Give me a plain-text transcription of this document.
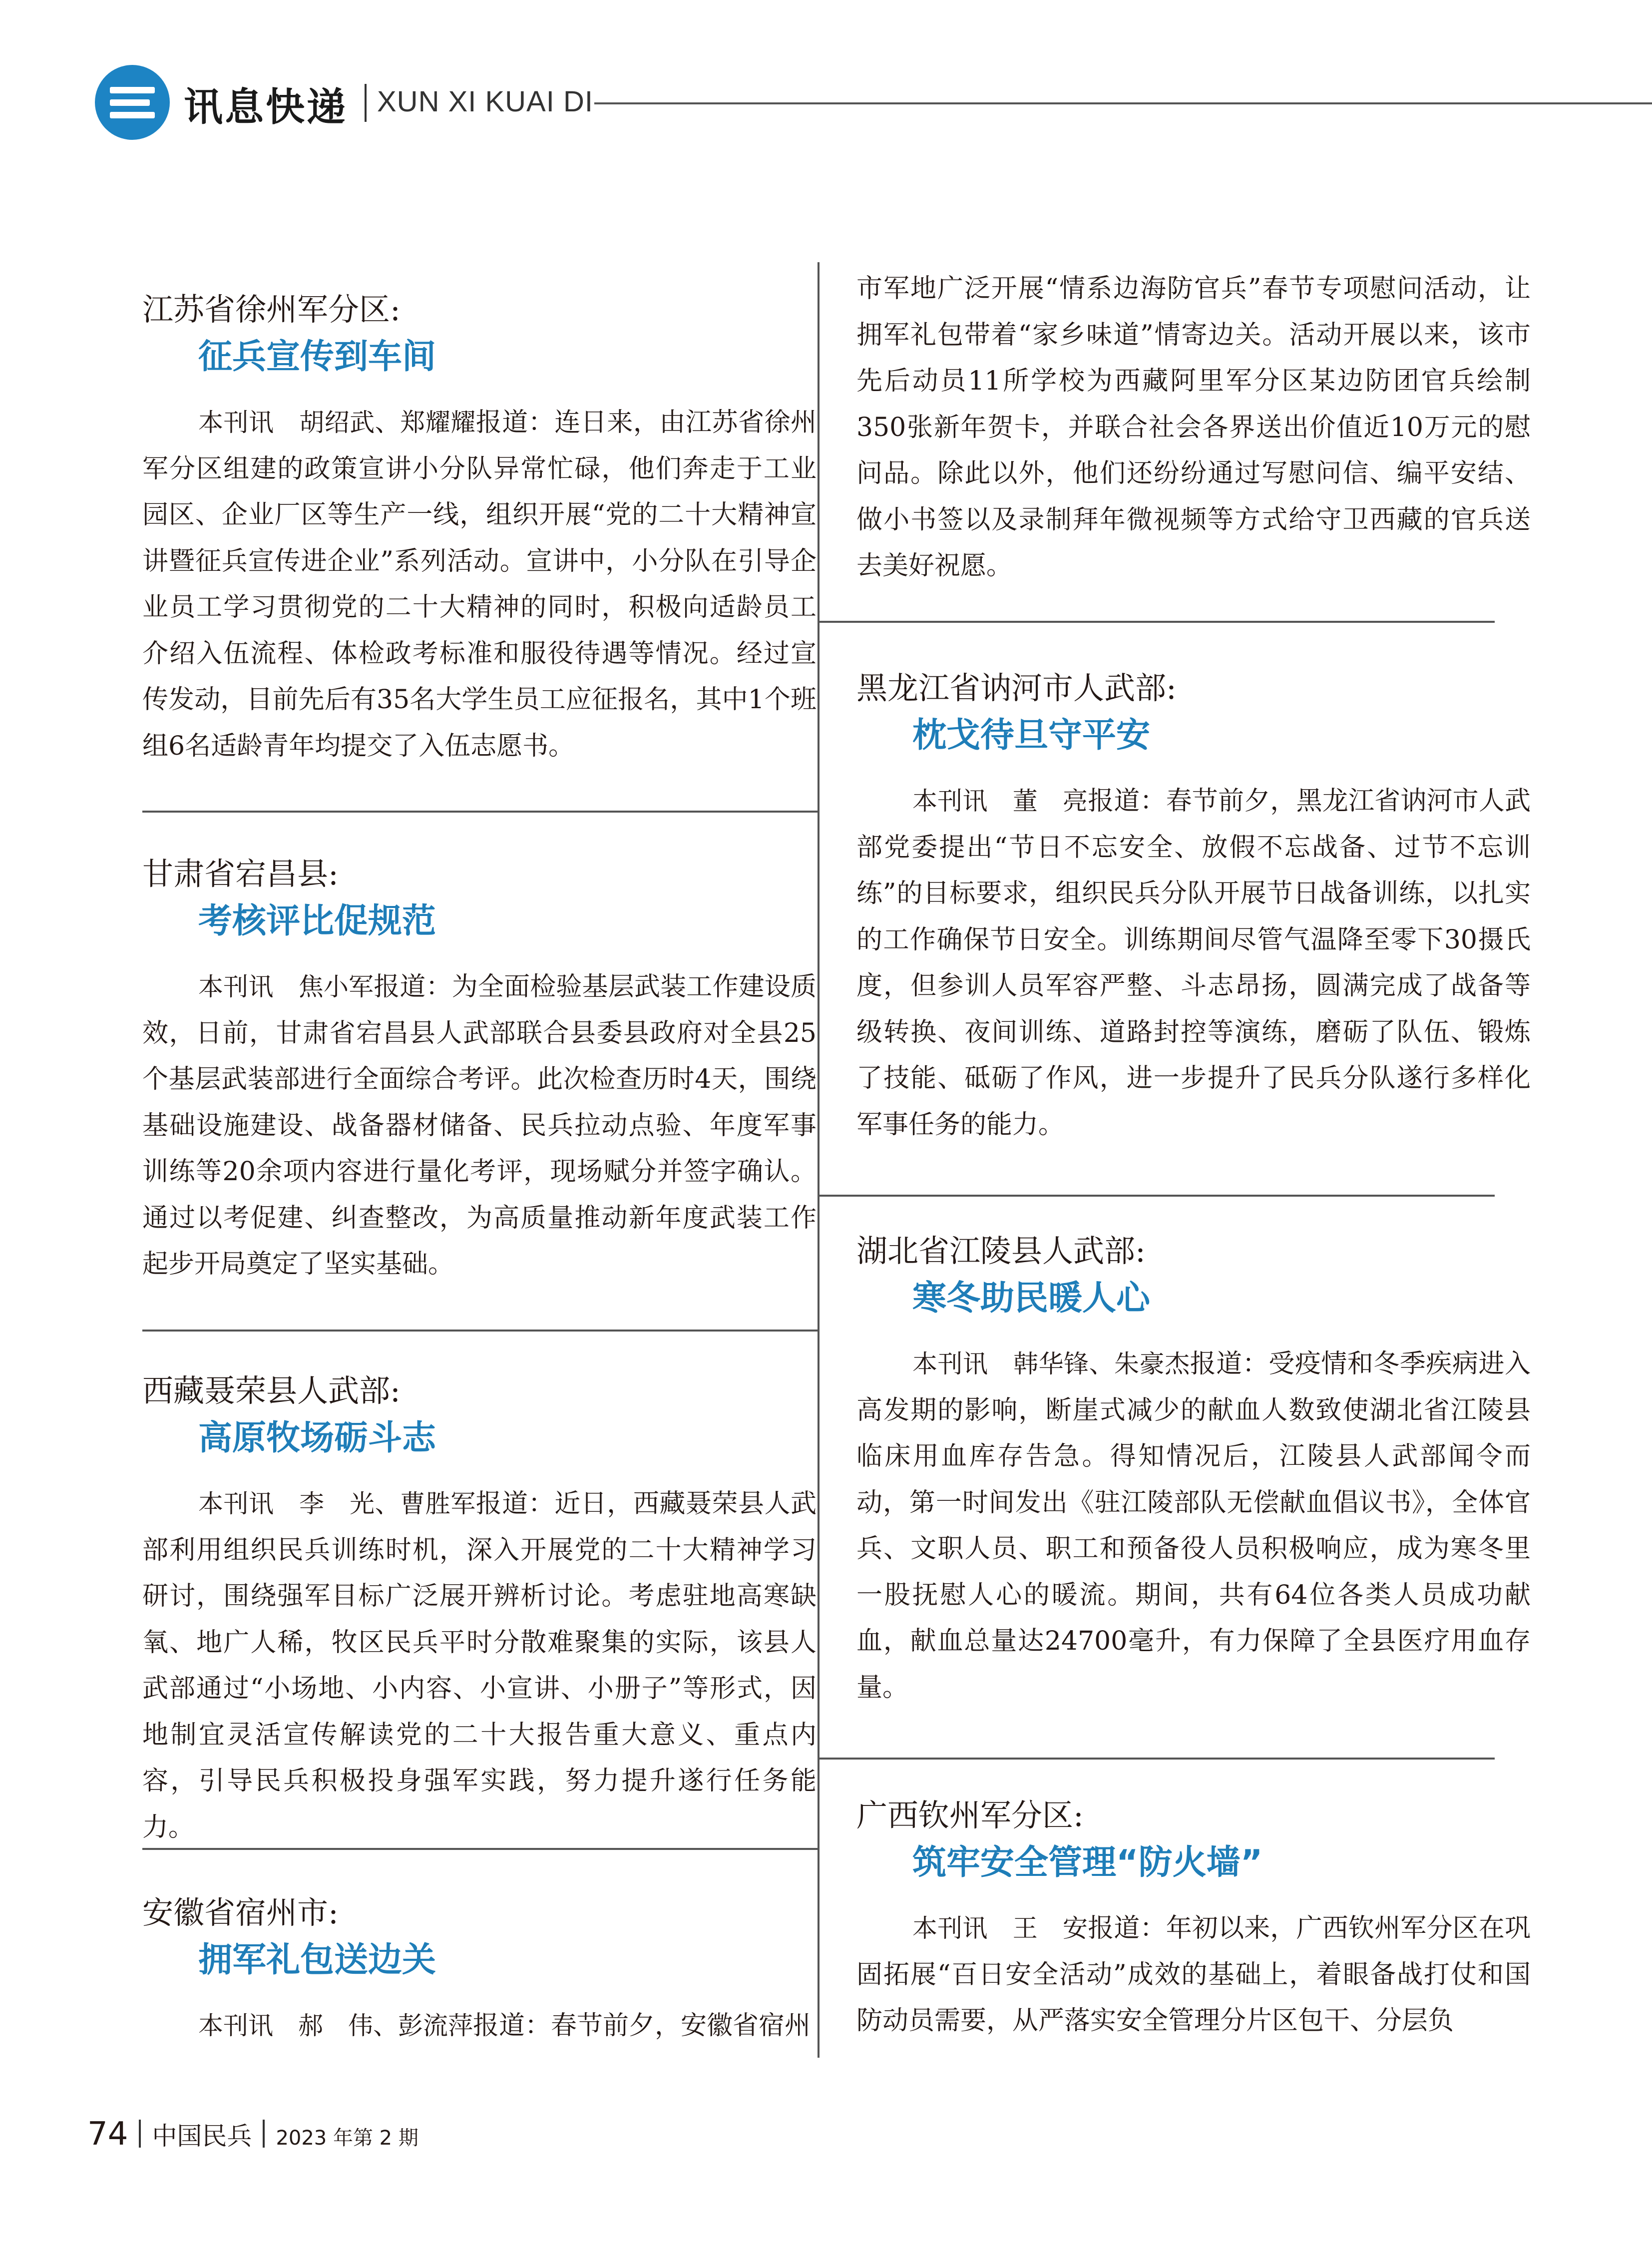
讯息快递 XUN XI KUAI DI
江苏省徐州军分区:
征兵宣传到车间
本刊讯　胡绍武、郑耀耀报道：连日来，由江苏省徐州军分区组建的政策宣讲小分队异常忙碌，他们奔走于工业园区、企业厂区等生产一线，组织开展“党的二十大精神宣讲暨征兵宣传进企业”系列活动。宣讲中，小分队在引导企业员工学习贯彻党的二十大精神的同时，积极向适龄员工介绍入伍流程、体检政考标准和服役待遇等情况。经过宣传发动，目前先后有35名大学生员工应征报名，其中1个班组6名适龄青年均提交了入伍志愿书。
甘肃省宕昌县:
考核评比促规范
本刊讯　焦小军报道：为全面检验基层武装工作建设质效，日前，甘肃省宕昌县人武部联合县委县政府对全县25个基层武装部进行全面综合考评。此次检查历时4天，围绕基础设施建设、战备器材储备、民兵拉动点验、年度军事训练等20余项内容进行量化考评，现场赋分并签字确认。通过以考促建、纠查整改，为高质量推动新年度武装工作起步开局奠定了坚实基础。
西藏聂荣县人武部:
高原牧场砺斗志
本刊讯　李　光、曹胜军报道：近日，西藏聂荣县人武部利用组织民兵训练时机，深入开展党的二十大精神学习研讨，围绕强军目标广泛展开辨析讨论。考虑驻地高寒缺氧、地广人稀，牧区民兵平时分散难聚集的实际，该县人武部通过“小场地、小内容、小宣讲、小册子”等形式，因地制宜灵活宣传解读党的二十大报告重大意义、重点内容，引导民兵积极投身强军实践，努力提升遂行任务能力。
安徽省宿州市:
拥军礼包送边关
本刊讯　郝　伟、彭流萍报道：春节前夕，安徽省宿州
市军地广泛开展“情系边海防官兵”春节专项慰问活动，让拥军礼包带着“家乡味道”情寄边关。活动开展以来，该市先后动员11所学校为西藏阿里军分区某边防团官兵绘制350张新年贺卡，并联合社会各界送出价值近10万元的慰问品。除此以外，他们还纷纷通过写慰问信、编平安结、做小书签以及录制拜年微视频等方式给守卫西藏的官兵送去美好祝愿。
黑龙江省讷河市人武部:
枕戈待旦守平安
本刊讯　董　亮报道：春节前夕，黑龙江省讷河市人武部党委提出“节日不忘安全、放假不忘战备、过节不忘训练”的目标要求，组织民兵分队开展节日战备训练，以扎实的工作确保节日安全。训练期间尽管气温降至零下30摄氏度，但参训人员军容严整、斗志昂扬，圆满完成了战备等级转换、夜间训练、道路封控等演练，磨砺了队伍、锻炼了技能、砥砺了作风，进一步提升了民兵分队遂行多样化军事任务的能力。
湖北省江陵县人武部:
寒冬助民暖人心
本刊讯　韩华锋、朱豪杰报道：受疫情和冬季疾病进入高发期的影响，断崖式减少的献血人数致使湖北省江陵县临床用血库存告急。得知情况后，江陵县人武部闻令而动，第一时间发出《驻江陵部队无偿献血倡议书》，全体官兵、文职人员、职工和预备役人员积极响应，成为寒冬里一股抚慰人心的暖流。期间，共有64位各类人员成功献血，献血总量达24700毫升，有力保障了全县医疗用血存量。
广西钦州军分区:
筑牢安全管理“防火墙”
本刊讯　王　安报道：年初以来，广西钦州军分区在巩固拓展“百日安全活动”成效的基础上，着眼备战打仗和国防动员需要，从严落实安全管理分片区包干、分层负
74 中国民兵 2023 年第 2 期
